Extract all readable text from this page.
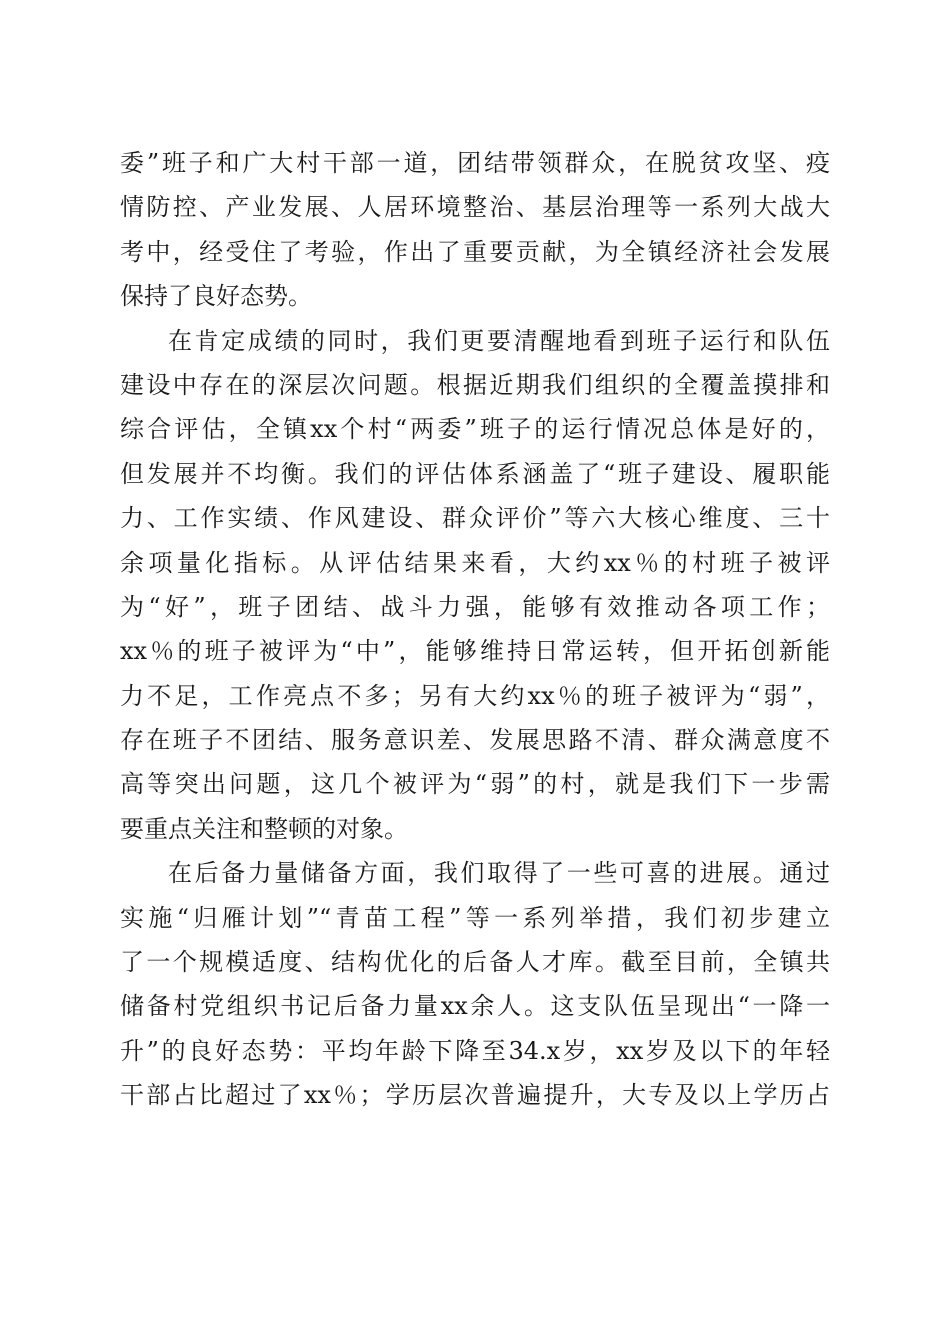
委”班子和广大村干部一道，团结带领群众，在脱贫攻坚、疫
情防控、产业发展、人居环境整治、基层治理等一系列大战大
考中，经受住了考验，作出了重要贡献，为全镇经济社会发展
保持了良好态势。
在肯定成绩的同时，我们更要清醒地看到班子运行和队伍
建设中存在的深层次问题。根据近期我们组织的全覆盖摸排和
综合评估，全镇xx个村“两委”班子的运行情况总体是好的，
但发展并不均衡。我们的评估体系涵盖了“班子建设、履职能
力、工作实绩、作风建设、群众评价”等六大核心维度、三十
余项量化指标。从评估结果来看，大约xx％的村班子被评
为“好”，班子团结、战斗力强，能够有效推动各项工作；
xx％的班子被评为“中”，能够维持日常运转，但开拓创新能
力不足，工作亮点不多；另有大约xx％的班子被评为“弱”，
存在班子不团结、服务意识差、发展思路不清、群众满意度不
高等突出问题，这几个被评为“弱”的村，就是我们下一步需
要重点关注和整顿的对象。
在后备力量储备方面，我们取得了一些可喜的进展。通过
实施“归雁计划”“青苗工程”等一系列举措，我们初步建立
了一个规模适度、结构优化的后备人才库。截至目前，全镇共
储备村党组织书记后备力量xx余人。这支队伍呈现出“一降一
升”的良好态势：平均年龄下降至34.x岁，xx岁及以下的年轻
干部占比超过了xx％；学历层次普遍提升，大专及以上学历占
